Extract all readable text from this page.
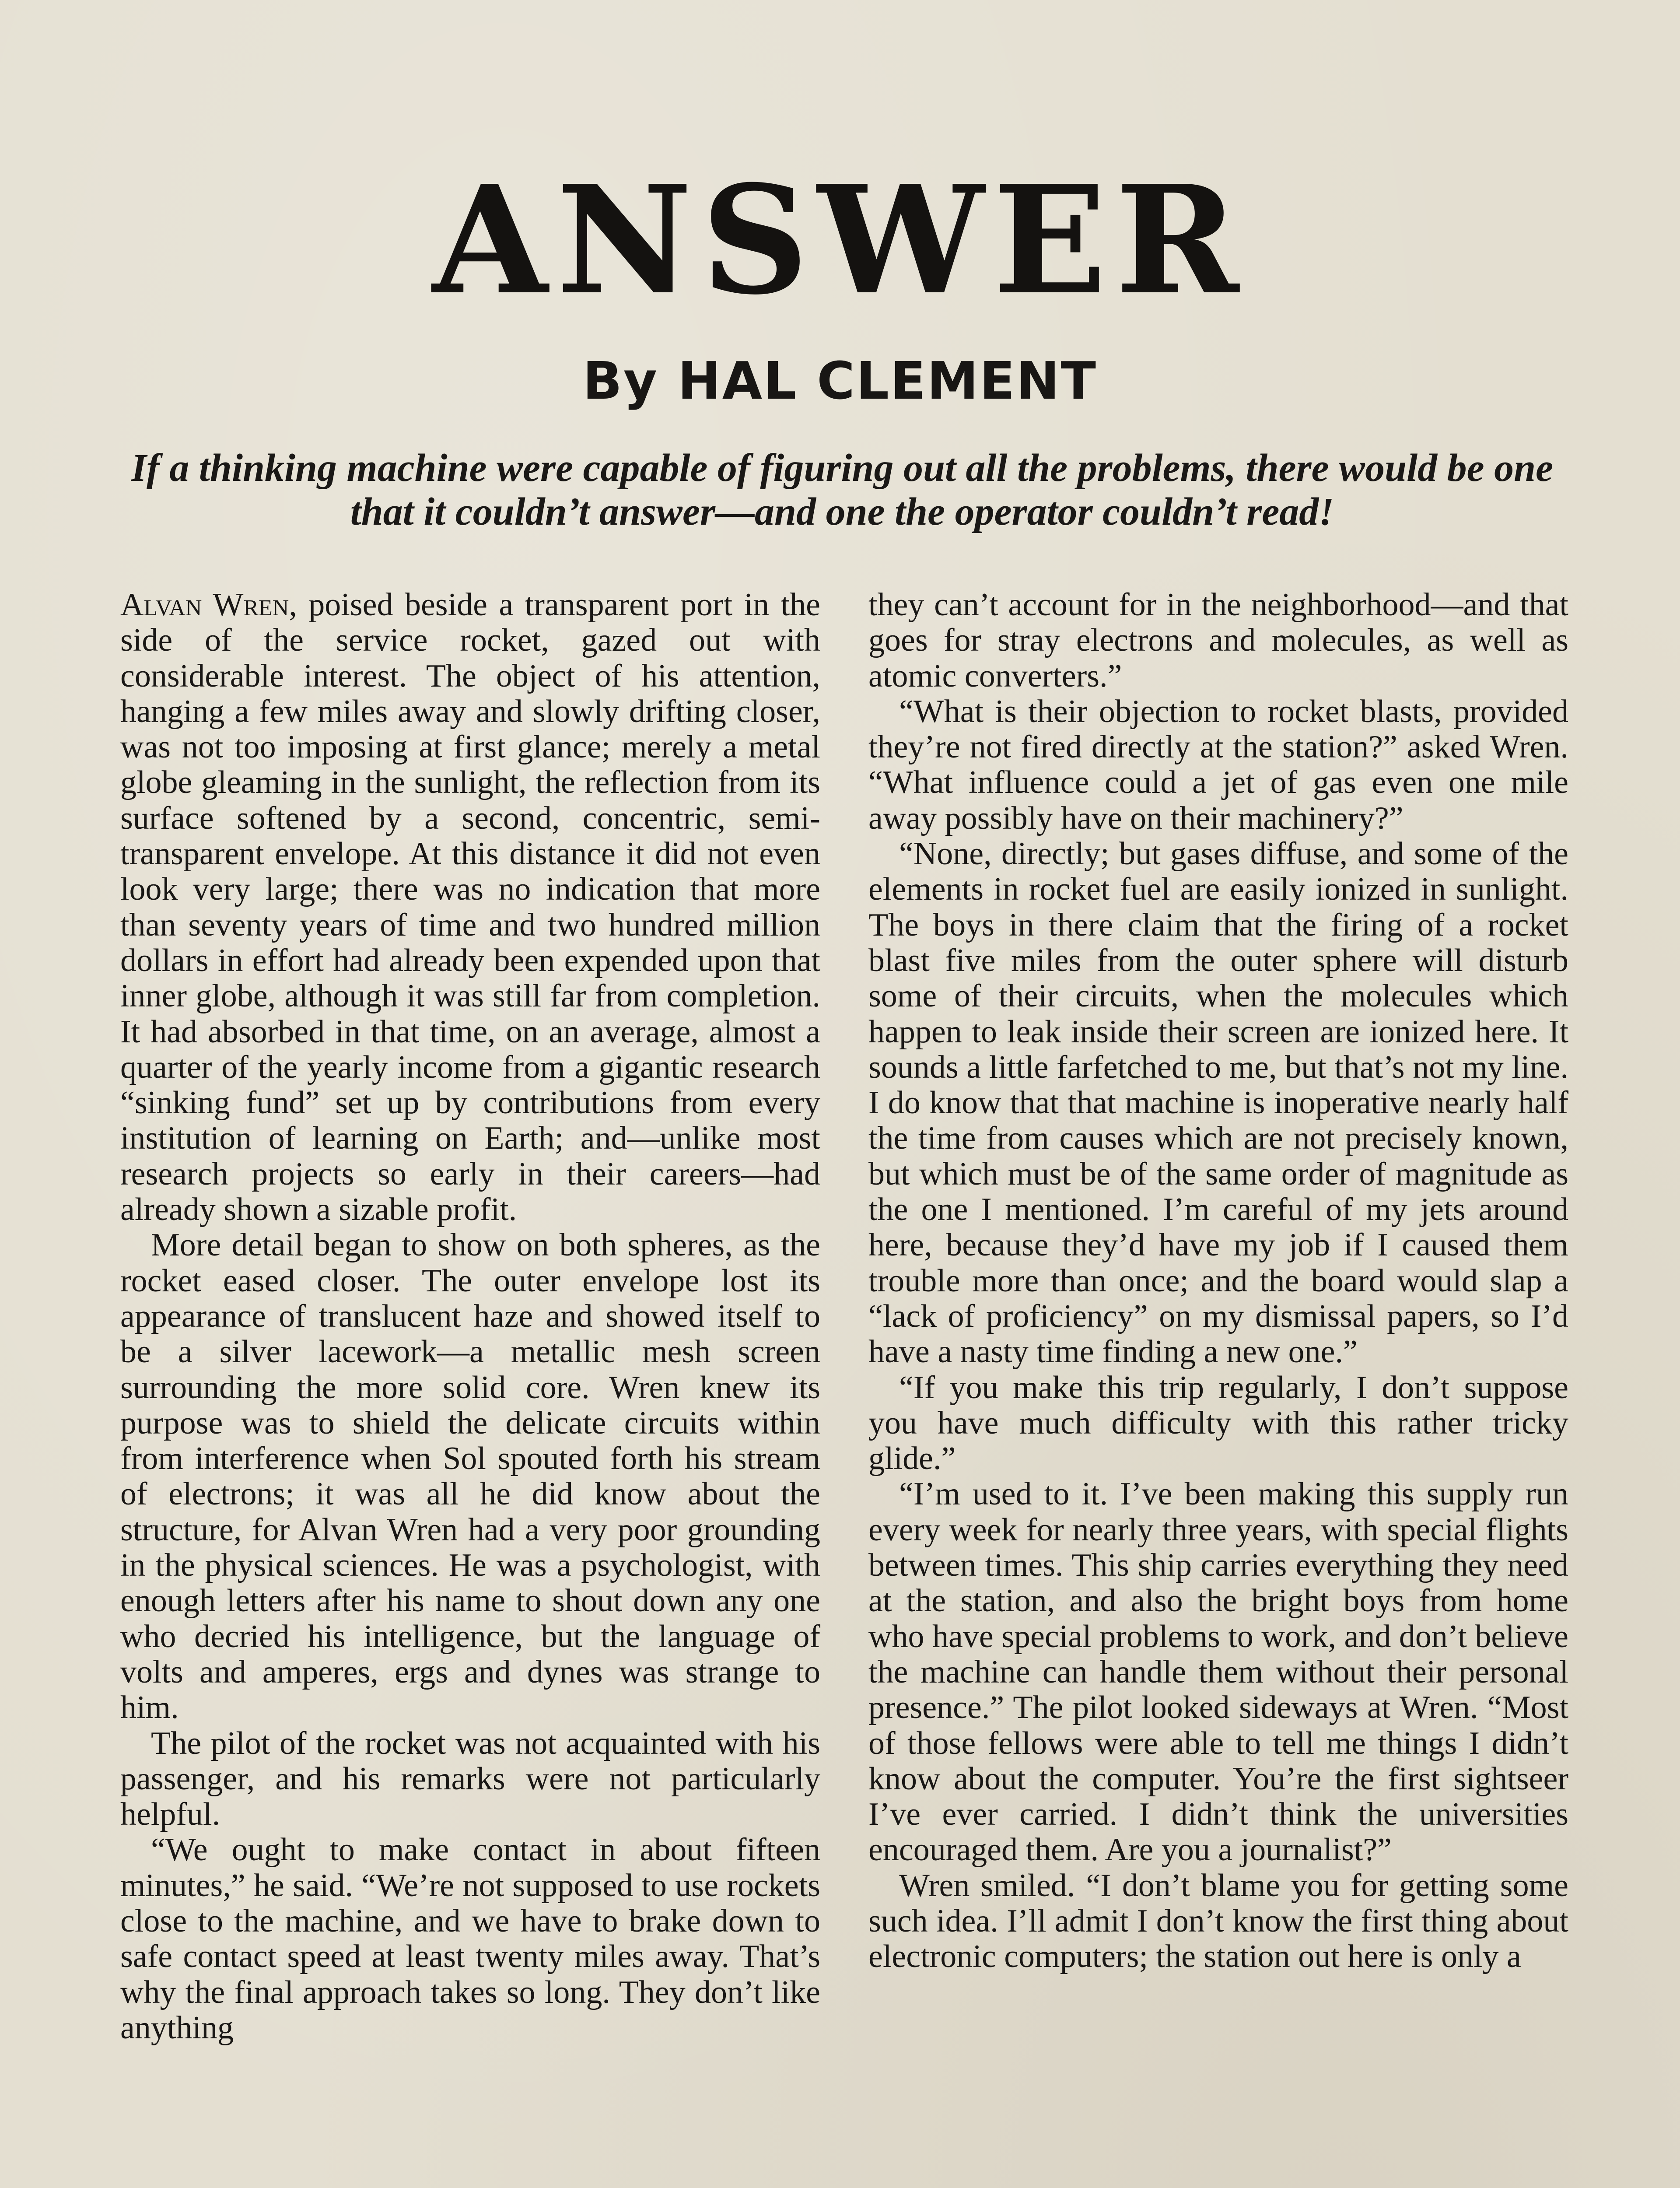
ANSWER
By HAL CLEMENT

If a thinking machine were capable of figuring out all the problems, there would be one that it couldn’t answer—and one the operator couldn’t read!

Alvan Wren, poised beside a transparent port in the side of the service rocket, gazed out with considerable interest. The object of his attention, hanging a few miles away and slowly drifting closer, was not too imposing at first glance; merely a metal globe gleaming in the sunlight, the reflection from its surface softened by a second, concentric, semi-transparent envelope. At this distance it did not even look very large; there was no indication that more than seventy years of time and two hundred million dollars in effort had already been expended upon that inner globe, although it was still far from completion. It had absorbed in that time, on an average, almost a quarter of the yearly income from a gigantic research “sinking fund” set up by contributions from every institution of learning on Earth; and—unlike most research projects so early in their careers—had already shown a sizable profit.

More detail began to show on both spheres, as the rocket eased closer. The outer envelope lost its appearance of translucent haze and showed itself to be a silver lacework—a metallic mesh screen surrounding the more solid core. Wren knew its purpose was to shield the delicate circuits within from interference when Sol spouted forth his stream of electrons; it was all he did know about the structure, for Alvan Wren had a very poor grounding in the physical sciences. He was a psychologist, with enough letters after his name to shout down any one who decried his intelligence, but the language of volts and amperes, ergs and dynes was strange to him.

The pilot of the rocket was not acquainted with his passenger, and his remarks were not particularly helpful.

“We ought to make contact in about fifteen minutes,” he said. “We’re not supposed to use rockets close to the machine, and we have to brake down to safe contact speed at least twenty miles away. That’s why the final approach takes so long. They don’t like anything

they can’t account for in the neighborhood—and that goes for stray electrons and molecules, as well as atomic converters.”

“What is their objection to rocket blasts, provided they’re not fired directly at the station?” asked Wren. “What influence could a jet of gas even one mile away possibly have on their machinery?”

“None, directly; but gases diffuse, and some of the elements in rocket fuel are easily ionized in sunlight. The boys in there claim that the firing of a rocket blast five miles from the outer sphere will disturb some of their circuits, when the molecules which happen to leak inside their screen are ionized here. It sounds a little farfetched to me, but that’s not my line. I do know that that machine is inoperative nearly half the time from causes which are not precisely known, but which must be of the same order of magnitude as the one I mentioned. I’m careful of my jets around here, because they’d have my job if I caused them trouble more than once; and the board would slap a “lack of proficiency” on my dismissal papers, so I’d have a nasty time finding a new one.”

“If you make this trip regularly, I don’t suppose you have much difficulty with this rather tricky glide.”

“I’m used to it. I’ve been making this supply run every week for nearly three years, with special flights between times. This ship carries everything they need at the station, and also the bright boys from home who have special problems to work, and don’t believe the machine can handle them without their personal presence.” The pilot looked sideways at Wren. “Most of those fellows were able to tell me things I didn’t know about the computer. You’re the first sightseer I’ve ever carried. I didn’t think the universities encouraged them. Are you a journalist?”

Wren smiled. “I don’t blame you for getting some such idea. I’ll admit I don’t know the first thing about electronic computers; the station out here is only a
